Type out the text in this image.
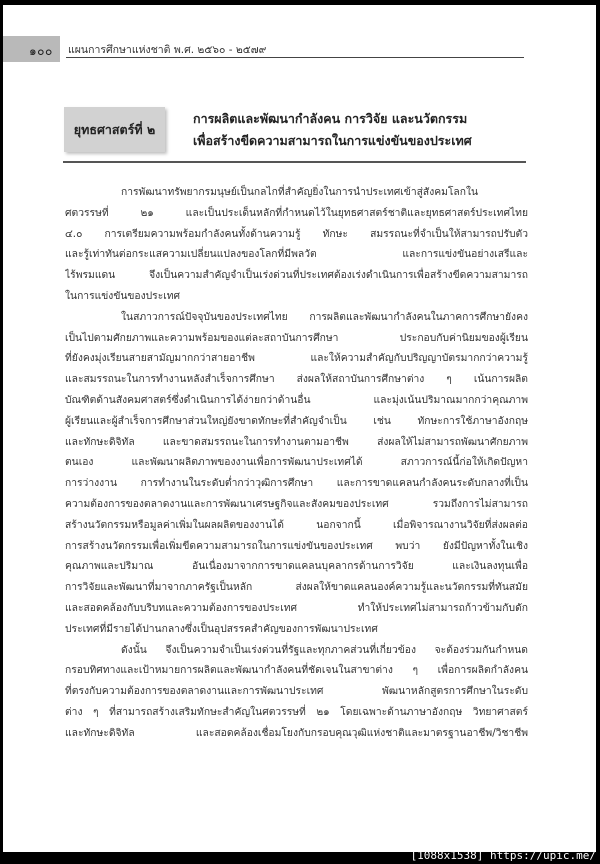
๑๐๐ แผนการศึกษาแห่งชาติ พ.ศ. ๒๕๖๐ - ๒๕๗๙
ยุทธศาสตร์ที่ ๒
การผลิตและพัฒนากำลังคน การวิจัย และนวัตกรรม
เพื่อสร้างขีดความสามารถในการแข่งขันของประเทศ
การพัฒนาทรัพยากรมนุษย์เป็นกลไกที่สำคัญยิ่งในการนำประเทศเข้าสู่สังคมโลกใน
ศตวรรษที่ ๒๑ และเป็นประเด็นหลักที่กำหนดไว้ในยุทธศาสตร์ชาติและยุทธศาสตร์ประเทศไทย
๔.๐ การเตรียมความพร้อมกำลังคนทั้งด้านความรู้ ทักษะ สมรรถนะที่จำเป็นให้สามารถปรับตัว
และรู้เท่าทันต่อกระแสความเปลี่ยนแปลงของโลกที่มีพลวัต และการแข่งขันอย่างเสรีและ
ไร้พรมแดน จึงเป็นความสำคัญจำเป็นเร่งด่วนที่ประเทศต้องเร่งดำเนินการเพื่อสร้างขีดความสามารถ
ในการแข่งขันของประเทศ
ในสภาวการณ์ปัจจุบันของประเทศไทย การผลิตและพัฒนากำลังคนในภาคการศึกษายังคง
เป็นไปตามศักยภาพและความพร้อมของแต่ละสถาบันการศึกษา ประกอบกับค่านิยมของผู้เรียน
ที่ยังคงมุ่งเรียนสายสามัญมากกว่าสายอาชีพ และให้ความสำคัญกับปริญญาบัตรมากกว่าความรู้
และสมรรถนะในการทำงานหลังสำเร็จการศึกษา ส่งผลให้สถาบันการศึกษาต่าง ๆ เน้นการผลิต
บัณฑิตด้านสังคมศาสตร์ซึ่งดำเนินการได้ง่ายกว่าด้านอื่น และมุ่งเน้นปริมาณมากกว่าคุณภาพ
ผู้เรียนและผู้สำเร็จการศึกษาส่วนใหญ่ยังขาดทักษะที่สำคัญจำเป็น เช่น ทักษะการใช้ภาษาอังกฤษ
และทักษะดิจิทัล และขาดสมรรถนะในการทำงานตามอาชีพ ส่งผลให้ไม่สามารถพัฒนาศักยภาพ
ตนเอง และพัฒนาผลิตภาพของงานเพื่อการพัฒนาประเทศได้ สภาวการณ์นี้ก่อให้เกิดปัญหา
การว่างงาน การทำงานในระดับต่ำกว่าวุฒิการศึกษา และการขาดแคลนกำลังคนระดับกลางที่เป็น
ความต้องการของตลาดงานและการพัฒนาเศรษฐกิจและสังคมของประเทศ รวมถึงการไม่สามารถ
สร้างนวัตกรรมหรือมูลค่าเพิ่มในผลผลิตของงานได้ นอกจากนี้ เมื่อพิจารณางานวิจัยที่ส่งผลต่อ
การสร้างนวัตกรรมเพื่อเพิ่มขีดความสามารถในการแข่งขันของประเทศ พบว่า ยังมีปัญหาทั้งในเชิง
คุณภาพและปริมาณ อันเนื่องมาจากการขาดแคลนบุคลากรด้านการวิจัย และเงินลงทุนเพื่อ
การวิจัยและพัฒนาที่มาจากภาครัฐเป็นหลัก ส่งผลให้ขาดแคลนองค์ความรู้และนวัตกรรมที่ทันสมัย
และสอดคล้องกับบริบทและความต้องการของประเทศ ทำให้ประเทศไม่สามารถก้าวข้ามกับดัก
ประเทศที่มีรายได้ปานกลางซึ่งเป็นอุปสรรคสำคัญของการพัฒนาประเทศ
ดังนั้น จึงเป็นความจำเป็นเร่งด่วนที่รัฐและทุกภาคส่วนที่เกี่ยวข้อง จะต้องร่วมกันกำหนด
กรอบทิศทางและเป้าหมายการผลิตและพัฒนากำลังคนที่ชัดเจนในสาขาต่าง ๆ เพื่อการผลิตกำลังคน
ที่ตรงกับความต้องการของตลาดงานและการพัฒนาประเทศ พัฒนาหลักสูตรการศึกษาในระดับ
ต่าง ๆ ที่สามารถสร้างเสริมทักษะสำคัญในศตวรรษที่ ๒๑ โดยเฉพาะด้านภาษาอังกฤษ วิทยาศาสตร์
และทักษะดิจิทัล และสอดคล้องเชื่อมโยงกับกรอบคุณวุฒิแห่งชาติและมาตรฐานอาชีพ/วิชาชีพ
[1088x1538] https://upic.me/
